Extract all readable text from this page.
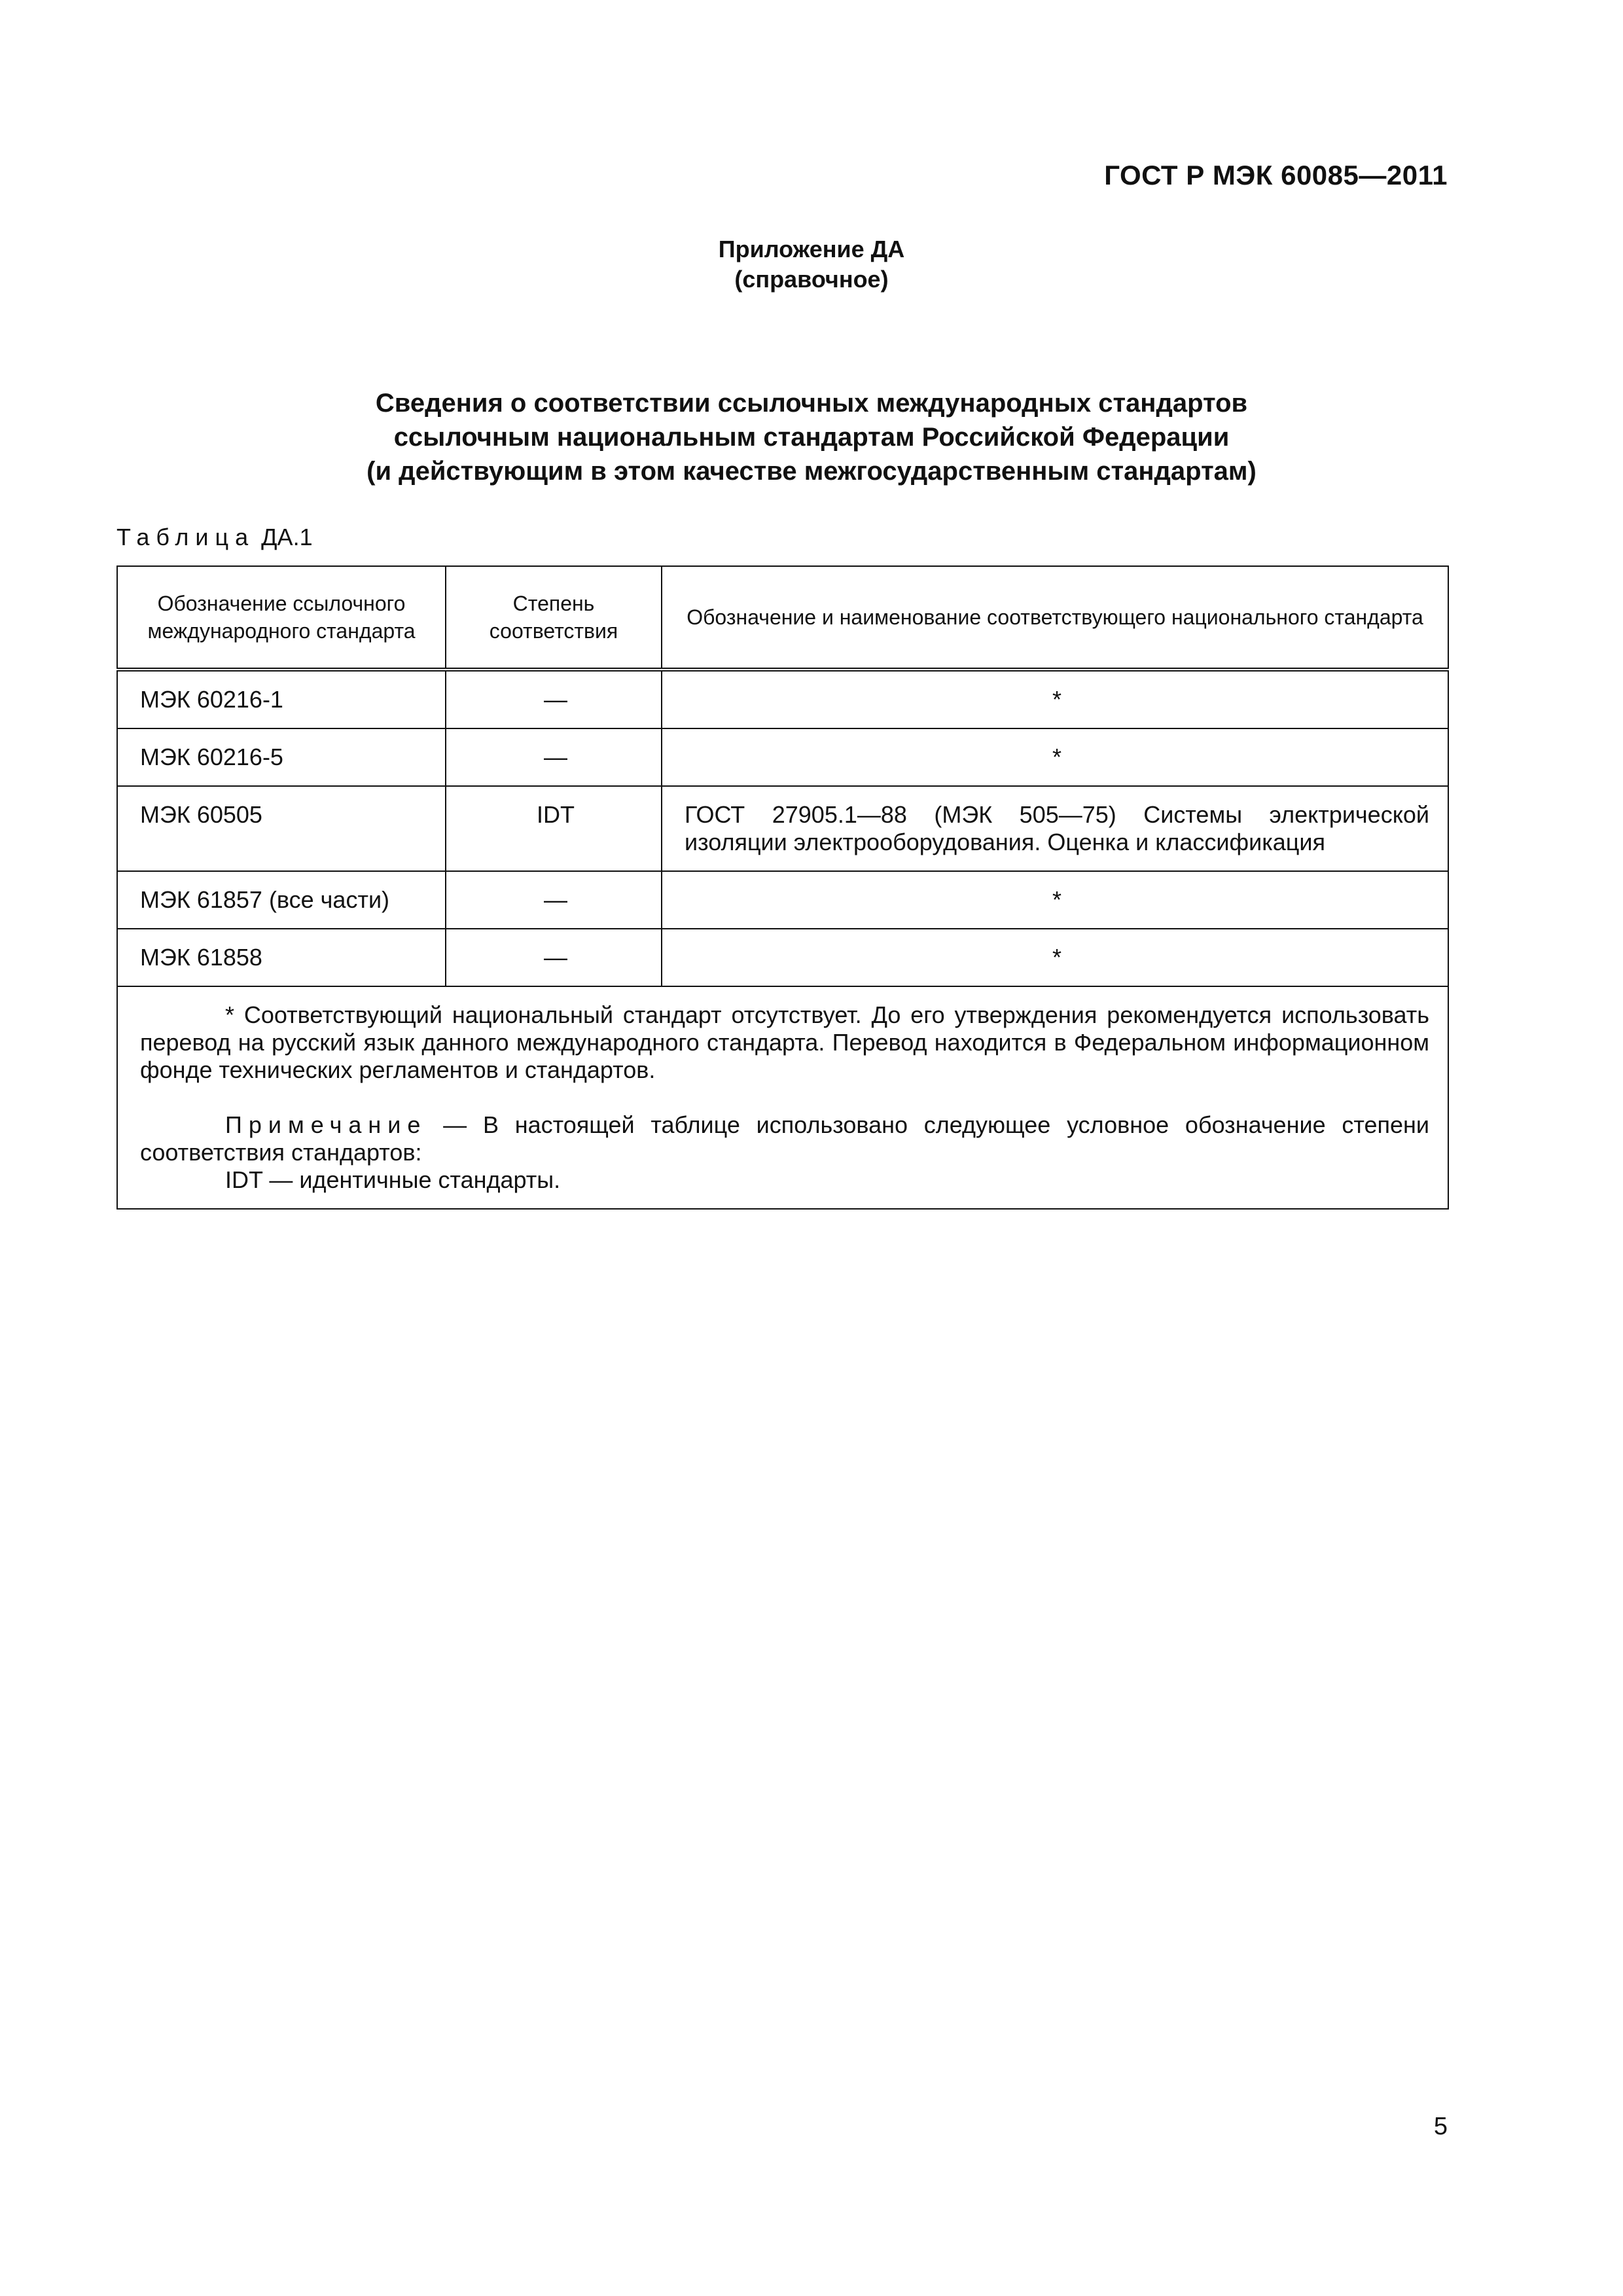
ГОСТ Р МЭК 60085—2011
Приложение ДА
(справочное)
Сведения о соответствии ссылочных международных стандартов
ссылочным национальным стандартам Российской Федерации
(и действующим в этом качестве межгосударственным стандартам)
Таблица ДА.1
Обозначение ссылочного международного стандарта	Степень соответствия	Обозначение и наименование соответствующего национального стандарта
МЭК 60216-1	—	*
МЭК 60216-5	—	*
МЭК 60505	IDT	ГОСТ 27905.1—88 (МЭК 505—75) Системы электрической изоляции электрооборудования. Оценка и классификация
МЭК 61857 (все части)	—	*
МЭК 61858	—	*

* Соответствующий национальный стандарт отсутствует. До его утверждения рекомендуется использовать перевод на русский язык данного международного стандарта. Перевод находится в Федеральном информационном фонде технических регламентов и стандартов.
Примечание — В настоящей таблице использовано следующее условное обозначение степени соответствия стандартов:
IDT — идентичные стандарты.		
5
